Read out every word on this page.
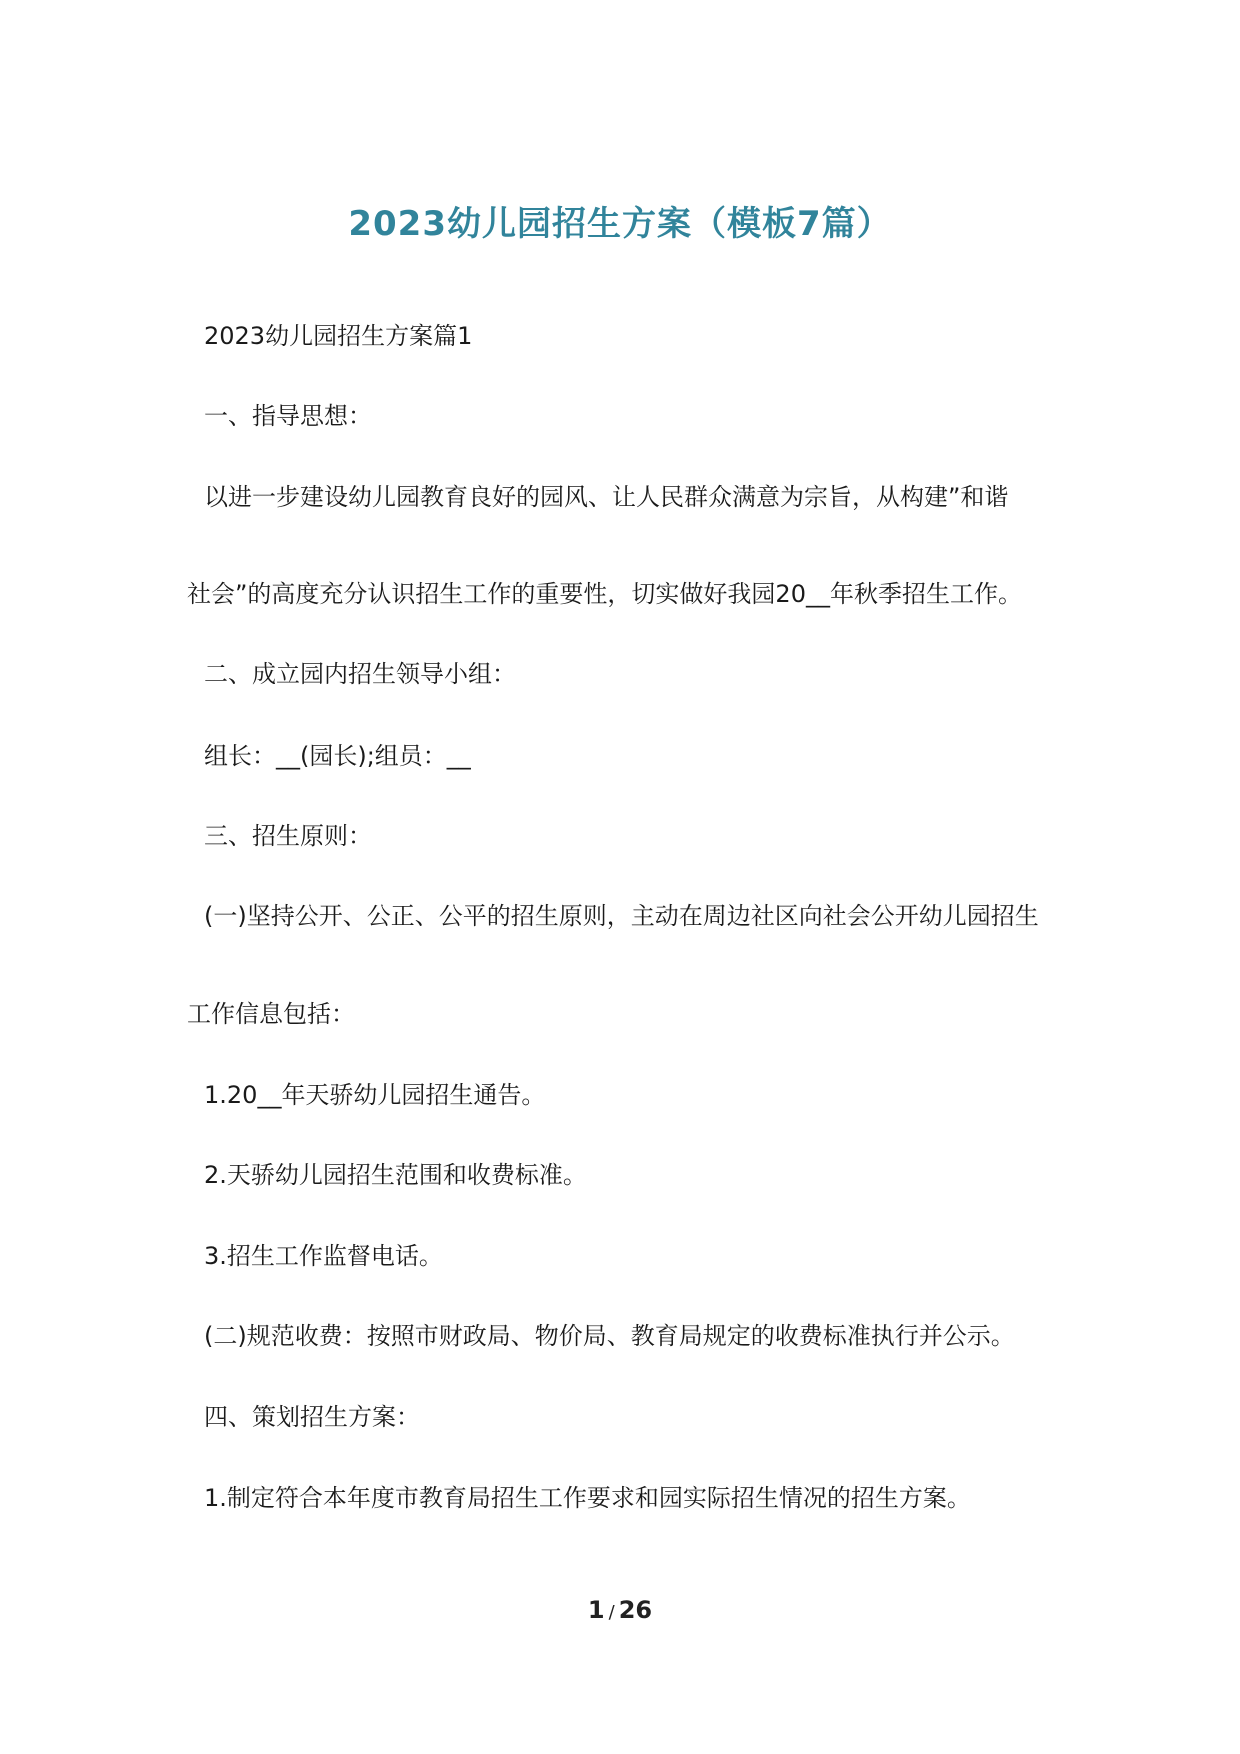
2023幼儿园招生方案（模板7篇）
2023幼儿园招生方案篇1
一、指导思想：
以进一步建设幼儿园教育良好的园风、让人民群众满意为宗旨，从构建”和谐
社会”的高度充分认识招生工作的重要性，切实做好我园20__年秋季招生工作。
二、成立园内招生领导小组：
组长：__(园长);组员：__
三、招生原则：
(一)坚持公开、公正、公平的招生原则，主动在周边社区向社会公开幼儿园招生
工作信息包括：
1.20__年天骄幼儿园招生通告。
2.天骄幼儿园招生范围和收费标准。
3.招生工作监督电话。
(二)规范收费：按照市财政局、物价局、教育局规定的收费标准执行并公示。
四、策划招生方案：
1.制定符合本年度市教育局招生工作要求和园实际招生情况的招生方案。
1 / 26
